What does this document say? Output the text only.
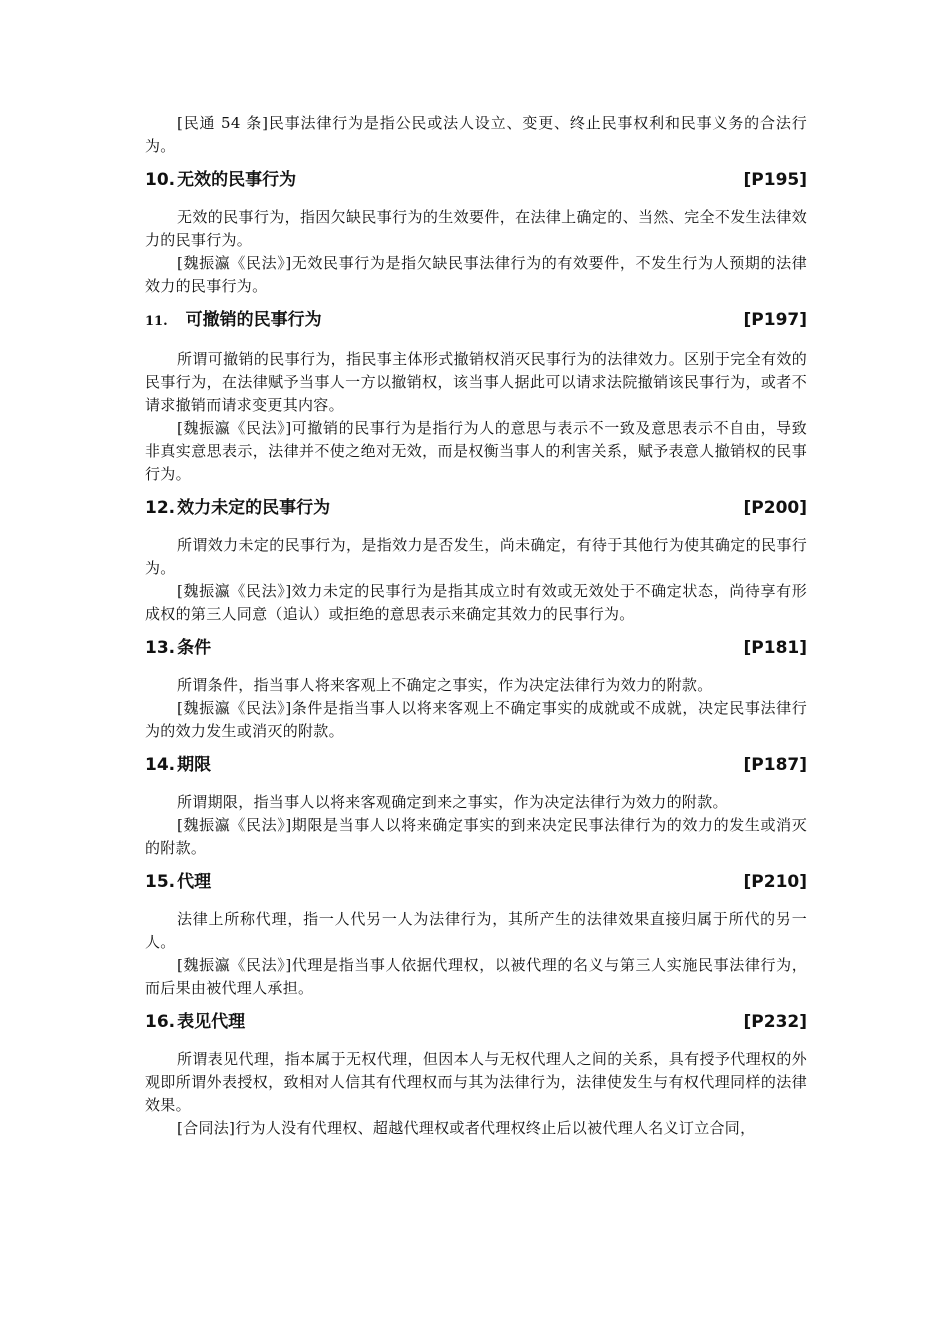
[民通 54 条]民事法律行为是指公民或法人设立、变更、终止民事权利和民事义务的合法行为。

10. 无效的民事行为	[P195]

无效的民事行为，指因欠缺民事行为的生效要件，在法律上确定的、当然、完全不发生法律效力的民事行为。

[魏振瀛《民法》]无效民事行为是指欠缺民事法律行为的有效要件，不发生行为人预期的法律效力的民事行为。

11. 可撤销的民事行为	[P197]

所谓可撤销的民事行为，指民事主体形式撤销权消灭民事行为的法律效力。区别于完全有效的民事行为，在法律赋予当事人一方以撤销权，该当事人据此可以请求法院撤销该民事行为，或者不请求撤销而请求变更其内容。

[魏振瀛《民法》]可撤销的民事行为是指行为人的意思与表示不一致及意思表示不自由，导致非真实意思表示，法律并不使之绝对无效，而是权衡当事人的利害关系，赋予表意人撤销权的民事行为。

12. 效力未定的民事行为	[P200]

所谓效力未定的民事行为，是指效力是否发生，尚未确定，有待于其他行为使其确定的民事行为。

[魏振瀛《民法》]效力未定的民事行为是指其成立时有效或无效处于不确定状态，尚待享有形成权的第三人同意（追认）或拒绝的意思表示来确定其效力的民事行为。

13. 条件	[P181]

所谓条件，指当事人将来客观上不确定之事实，作为决定法律行为效力的附款。

[魏振瀛《民法》]条件是指当事人以将来客观上不确定事实的成就或不成就，决定民事法律行为的效力发生或消灭的附款。

14. 期限	[P187]

所谓期限，指当事人以将来客观确定到来之事实，作为决定法律行为效力的附款。

[魏振瀛《民法》]期限是当事人以将来确定事实的到来决定民事法律行为的效力的发生或消灭的附款。

15. 代理	[P210]

法律上所称代理，指一人代另一人为法律行为，其所产生的法律效果直接归属于所代的另一人。

[魏振瀛《民法》]代理是指当事人依据代理权，以被代理的名义与第三人实施民事法律行为，而后果由被代理人承担。

16. 表见代理	[P232]

所谓表见代理，指本属于无权代理，但因本人与无权代理人之间的关系，具有授予代理权的外观即所谓外表授权，致相对人信其有代理权而与其为法律行为，法律使发生与有权代理同样的法律效果。

[合同法]行为人没有代理权、超越代理权或者代理权终止后以被代理人名义订立合同，
